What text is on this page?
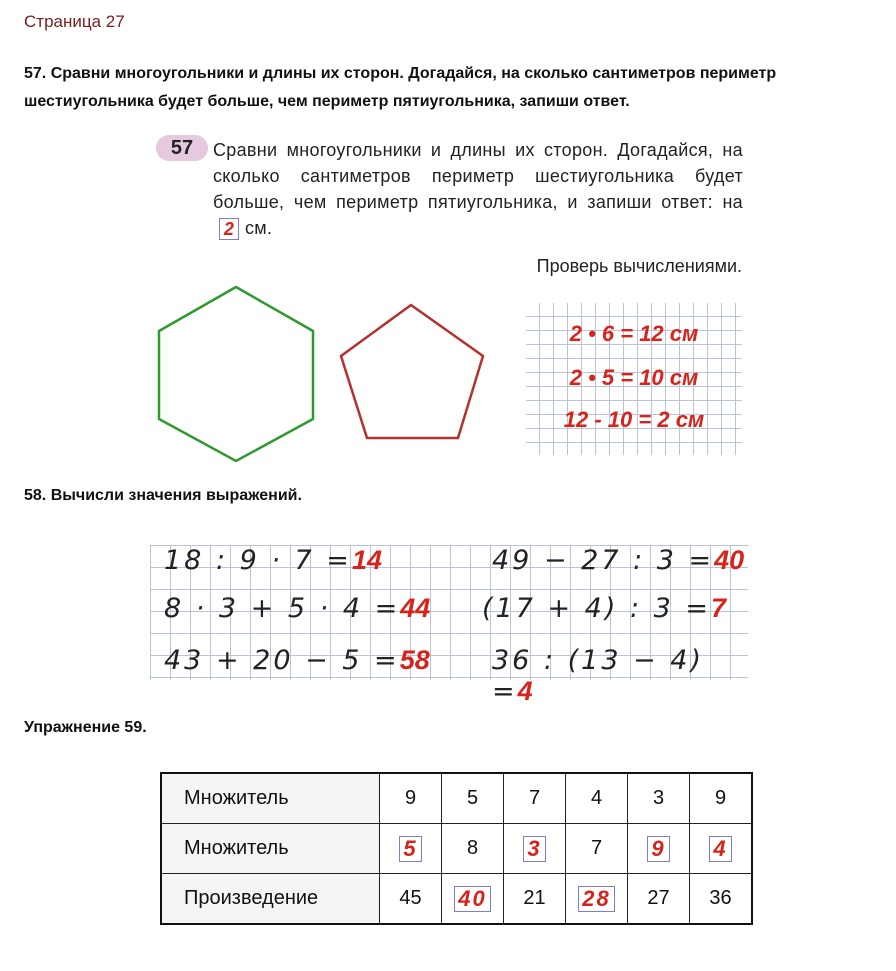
Страница 27
57. Сравни многоугольники и длины их сторон. Догадайся, на сколько сантиметров периметр
шестиугольника будет больше, чем периметр пятиугольника, запиши ответ.
57	Сравни многоугольники и длины их сторон. Догадайся, на сколько сантиметров периметр шестиугольника будет больше, чем периметр пятиугольника, и запиши ответ: на2 см.
Проверь вычислениями.
2 • 6 = 12 см
2 • 5 = 10 см
12 - 10 = 2 см
58. Вычисли значения выражений.
18 : 9 · 7 =14
8 · 3 + 5 · 4 =44
43 + 20 − 5 =58
49 − 27 : 3 =40
(17 + 4) : 3 =7
36 : (13 − 4) =4
Упражнение 59.
Множитель	9	5	7	4	3	9
Множитель	5	8	3	7	9	4
Произведение	45	40	21	28	27	36
